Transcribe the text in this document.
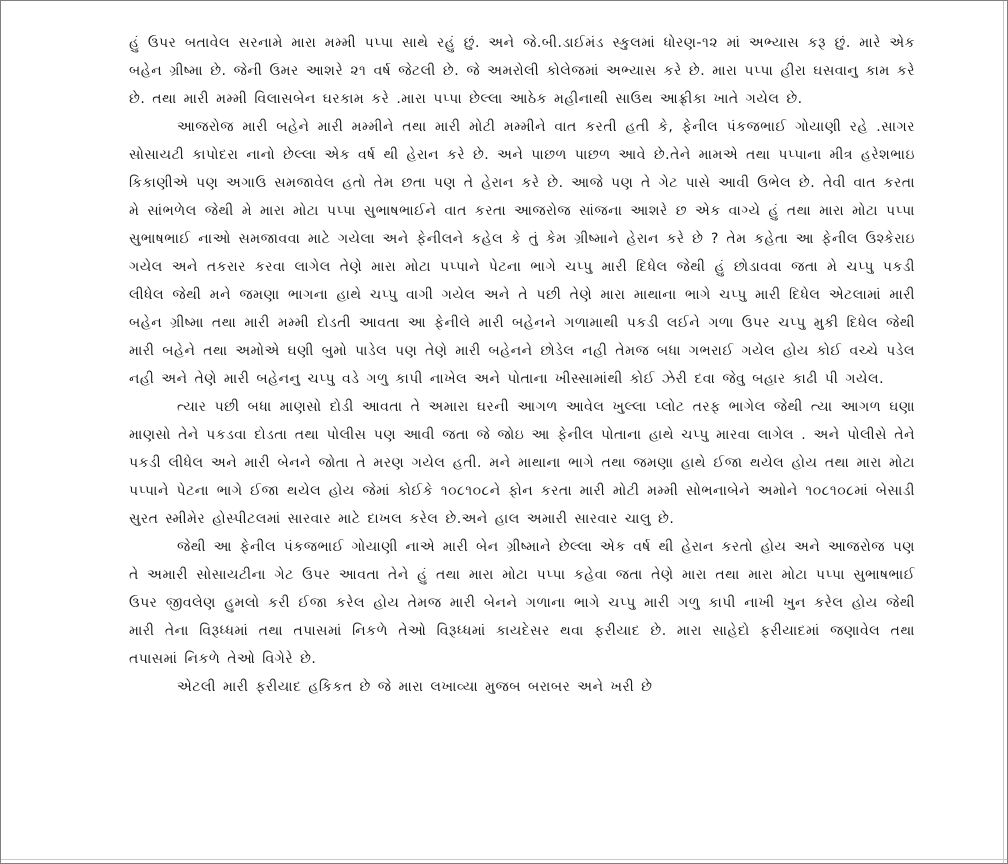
હું ઉપર બતાવેલ સરનામે મારા મમ્મી પપ્પા સાથે રહું છું. અને જે.બી.ડાઈમંડ સ્કુલમાં ધોરણ-૧૨ માં અભ્યાસ કરૂ છું. મારે એક બહેન ગ્રીષ્મા છે. જેની ઉમર આશરે ૨૧ વર્ષ જેટલી છે. જે અમરોલી કોલેજમાં અભ્યાસ કરે છે. મારા પપ્પા હીરા ઘસવાનુ કામ કરે છે. તથા મારી મમ્મી વિલાસબેન ઘરકામ કરે .મારા પપ્પા છેલ્લા આઠેક મહીનાથી સાઉથ આફ્રીકા ખાતે ગયેલ છે.

આજરોજ મારી બહેને મારી મમ્મીને તથા મારી મોટી મમ્મીને વાત કરતી હતી કે, ફેનીલ પંકજભાઈ ગોયાણી રહે .સાગર સોસાયટી કાપોદરા નાનો છેલ્લા એક વર્ષ થી હેરાન કરે છે. અને પાછળ પાછળ આવે છે.તેને મામએ તથા પપ્પાના મીત્ર હરેશભાઇ કિકાણીએ પણ અગાઉ સમજાવેલ હતો તેમ છતા પણ તે હેરાન કરે છે. આજે પણ તે ગેટ પાસે આવી ઉભેલ છે. તેવી વાત કરતા મે સાંભળેલ જેથી મે મારા મોટા પપ્પા સુભાષભાઈને વાત કરતા આજરોજ સાંજના આશરે છ એક વાગ્યે હું તથા મારા મોટા પપ્પા સુભાષભાઈ નાઓ સમજાવવા માટે ગયેલા અને ફેનીલને કહેલ કે તું કેમ ગ્રીષ્માને હેરાન કરે છે ? તેમ કહેતા આ ફેનીલ ઉશ્કેરાઇ ગયેલ અને તકરાર કરવા લાગેલ તેણે મારા મોટા પપ્પાને પેટના ભાગે ચપ્પુ મારી દિધેલ જેથી હું છોડાવવા જતા મે ચપ્પુ પકડી લીધેલ જેથી મને જમણા ભાગના હાથે ચપ્પુ વાગી ગયેલ અને તે પછી તેણે મારા માથાના ભાગે ચપ્પુ મારી દિધેલ એટલામાં મારી બહેન ગ્રીષ્મા તથા મારી મમ્મી દોડતી આવતા આ ફેનીલે મારી બહેનને ગળામાથી પકડી લઈને ગળા ઉપર ચપ્પુ મુકી દિધેલ જેથી મારી બહેને તથા અમોએ ઘણી બુમો પાડેલ પણ તેણે મારી બહેનને છોડેલ નહી તેમજ બધા ગભરાઈ ગયેલ હોય કોઈ વચ્ચે પડેલ નહી અને તેણે મારી બહેનનુ ચપ્પુ વડે ગળુ કાપી નાખેલ અને પોતાના ખીસ્સામાંથી કોઈ ઝેરી દવા જેવુ બહાર કાઢી પી ગયેલ.

ત્યાર પછી બધા માણસો દોડી આવતા તે અમારા ઘરની આગળ આવેલ ખુલ્લા પ્લોટ તરફ ભાગેલ જેથી ત્યા આગળ ઘણા માણસો તેને પકડવા દોડતા તથા પોલીસ પણ આવી જતા જે જોઇ આ ફેનીલ પોતાના હાથે ચપ્પુ મારવા લાગેલ . અને પોલીસે તેને પકડી લીધેલ અને મારી બેનને જોતા તે મરણ ગયેલ હતી. મને માથાના ભાગે તથા જમણા હાથે ઈજા થયેલ હોય તથા મારા મોટા પપ્પાને પેટના ભાગે ઈજા થયેલ હોય જેમાં કોઈકે ૧૦૮૧૦૮ને ફોન કરતા મારી મોટી મમ્મી સોભનાબેને અમોને ૧૦૮૧૦૮માં બેસાડી સુરત સ્મીમેર હોસ્પીટલમાં સારવાર માટે દાખલ કરેલ છે.અને હાલ અમારી સારવાર ચાલુ છે.

જેથી આ ફેનીલ પંકજભાઈ ગોયાણી નાએ મારી બેન ગ્રીષ્માને છેલ્લા એક વર્ષ થી હેરાન કરતો હોય અને આજરોજ પણ તે અમારી સોસાયટીના ગેટ ઉપર આવતા તેને હું તથા મારા મોટા પપ્પા કહેવા જતા તેણે મારા તથા મારા મોટા પપ્પા સુભાષભાઈ ઉપર જીવલેણ હુમલો કરી ઈજા કરેલ હોય તેમજ મારી બેનને ગળાના ભાગે ચપ્પુ મારી ગળુ કાપી નાખી ખુન કરેલ હોય જેથી મારી તેના વિરૂધ્ધમાં તથા તપાસમાં નિકળે તેઓ વિરૂધ્ધમાં કાયદેસર થવા ફરીયાદ છે. મારા સાહેદો ફરીયાદમાં જણાવેલ તથા તપાસમાં નિકળે તેઓ વિગેરે છે.

એટલી મારી ફરીયાદ હકિકત છે જે મારા લખાવ્યા મુજબ બરાબર અને ખરી છે
